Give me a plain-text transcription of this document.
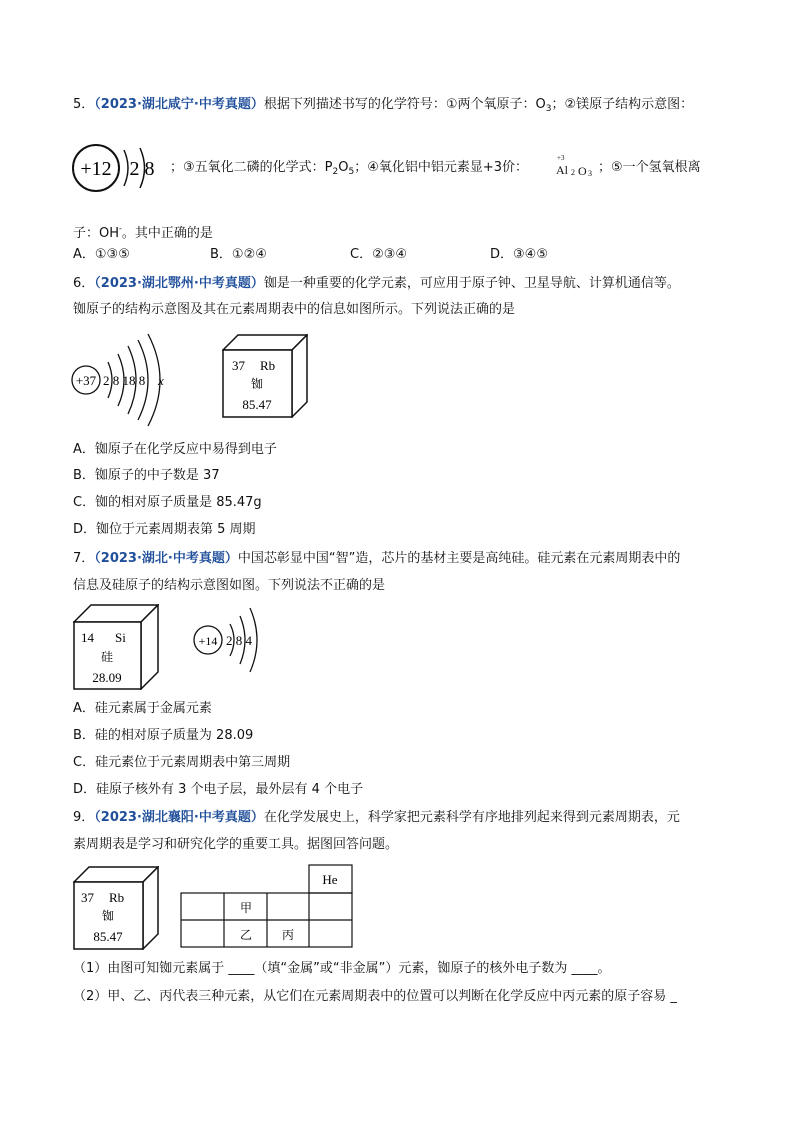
5．（2023·湖北咸宁·中考真题）根据下列描述书写的化学符号：①两个氧原子：$O_3$；②镁原子结构示意图：
+12 2 8 ；③五氧化二磷的化学式：$P_2O_5$；④氧化铝中铝元素显+3价：
+3
Al 2 O 3 ；⑤一个氢氧根离
子：OH-。其中正确的是
A．①③⑤	B．①②④	C．②③④	D．③④⑤
6．（2023·湖北鄂州·中考真题）铷是一种重要的化学元素，可应用于原子钟、卫星导航、计算机通信等。
铷原子的结构示意图及其在元素周期表中的信息如图所示。下列说法正确的是
+37 2 8 18 8 x
37 Rb
铷
85.47
A．铷原子在化学反应中易得到电子
B．铷原子的中子数是 37
C．铷的相对原子质量是 85.47g
D．铷位于元素周期表第 5 周期
7．（2023·湖北·中考真题）中国芯彰显中国“智”造，芯片的基材主要是高纯硅。硅元素在元素周期表中的
信息及硅原子的结构示意图如图。下列说法不正确的是
14 Si
硅
28.09
+14 2 8 4
A．硅元素属于金属元素
B．硅的相对原子质量为 28.09
C．硅元素位于元素周期表中第三周期
D．硅原子核外有 3 个电子层，最外层有 4 个电子
9．（2023·湖北襄阳·中考真题）在化学发展史上，科学家把元素科学有序地排列起来得到元素周期表，元
素周期表是学习和研究化学的重要工具。据图回答问题。
37 Rb
铷
85.47
He
甲
乙 丙
（1）由图可知铷元素属于 ____（填“金属”或“非金属”）元素，铷原子的核外电子数为 ____。
（2）甲、乙、丙代表三种元素，从它们在元素周期表中的位置可以判断在化学反应中丙元素的原子容易 _
